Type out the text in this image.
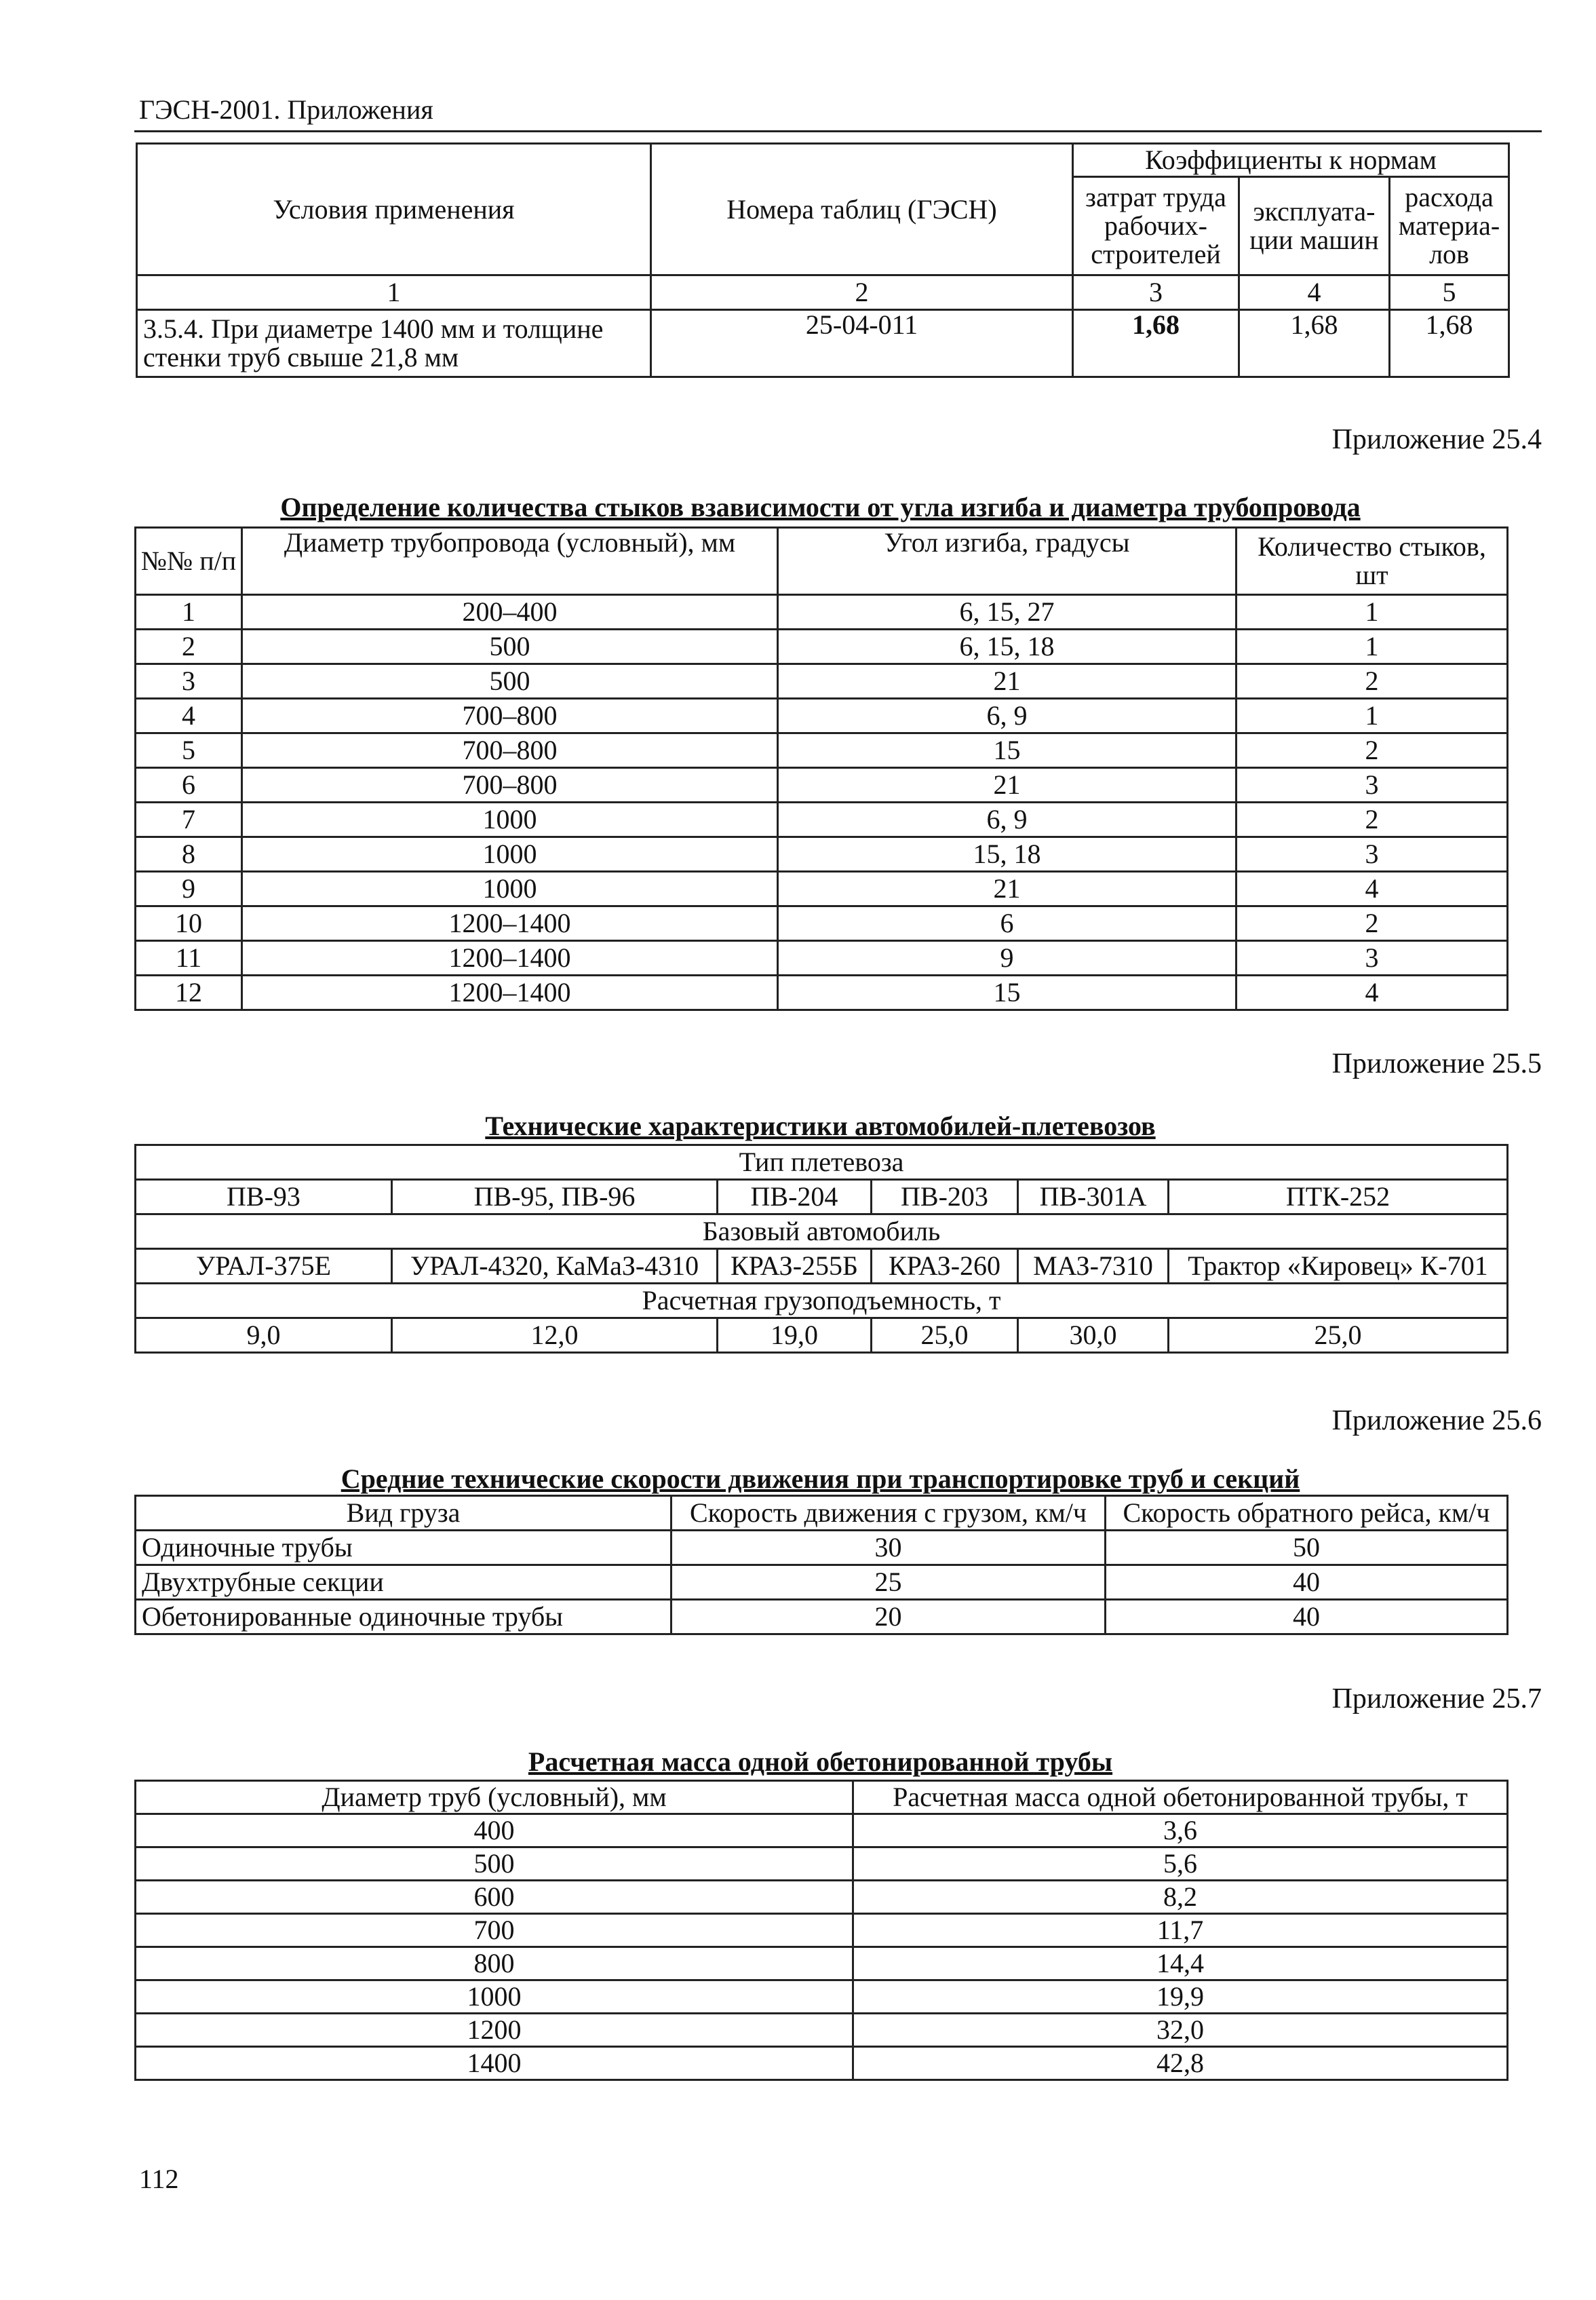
ГЭСН-2001. Приложения
Условия применения	Номера таблиц (ГЭСН)	Коэффициенты к нормам		
		затрат труда рабочих-строителей	эксплуата-ции машин	расхода материа-лов
1	2	3	4	5
3.5.4. При диаметре 1400 мм и толщине стенки труб свыше 21,8 мм	25-04-011	1,68	1,68	1,68
Приложение 25.4
Определение количества стыков взависимости от угла изгиба и диаметра трубопровода
№№ п/п	Диаметр трубопровода (условный), мм	Угол изгиба, градусы	Количество стыков, шт
1	200–400	6, 15, 27	1
2	500	6, 15, 18	1
3	500	21	2
4	700–800	6, 9	1
5	700–800	15	2
6	700–800	21	3
7	1000	6, 9	2
8	1000	15, 18	3
9	1000	21	4
10	1200–1400	6	2
11	1200–1400	9	3
12	1200–1400	15	4
Приложение 25.5
Технические характеристики автомобилей-плетевозов
Тип плетевоза					
ПВ-93	ПВ-95, ПВ-96	ПВ-204	ПВ-203	ПВ-301А	ПТК-252
Базовый автомобиль					
УРАЛ-375Е	УРАЛ-4320, КаМаЗ-4310	КРАЗ-255Б	КРАЗ-260	МАЗ-7310	Трактор «Кировец» К-701
Расчетная грузоподъемность, т					
9,0	12,0	19,0	25,0	30,0	25,0
Приложение 25.6
Средние технические скорости движения при транспортировке труб и секций
Вид груза	Скорость движения с грузом, км/ч	Скорость обратного рейса, км/ч
Одиночные трубы	30	50
Двухтрубные секции	25	40
Обетонированные одиночные трубы	20	40
Приложение 25.7
Расчетная масса одной обетонированной трубы
Диаметр труб (условный), мм	Расчетная масса одной обетонированной трубы, т
400	3,6
500	5,6
600	8,2
700	11,7
800	14,4
1000	19,9
1200	32,0
1400	42,8
112
